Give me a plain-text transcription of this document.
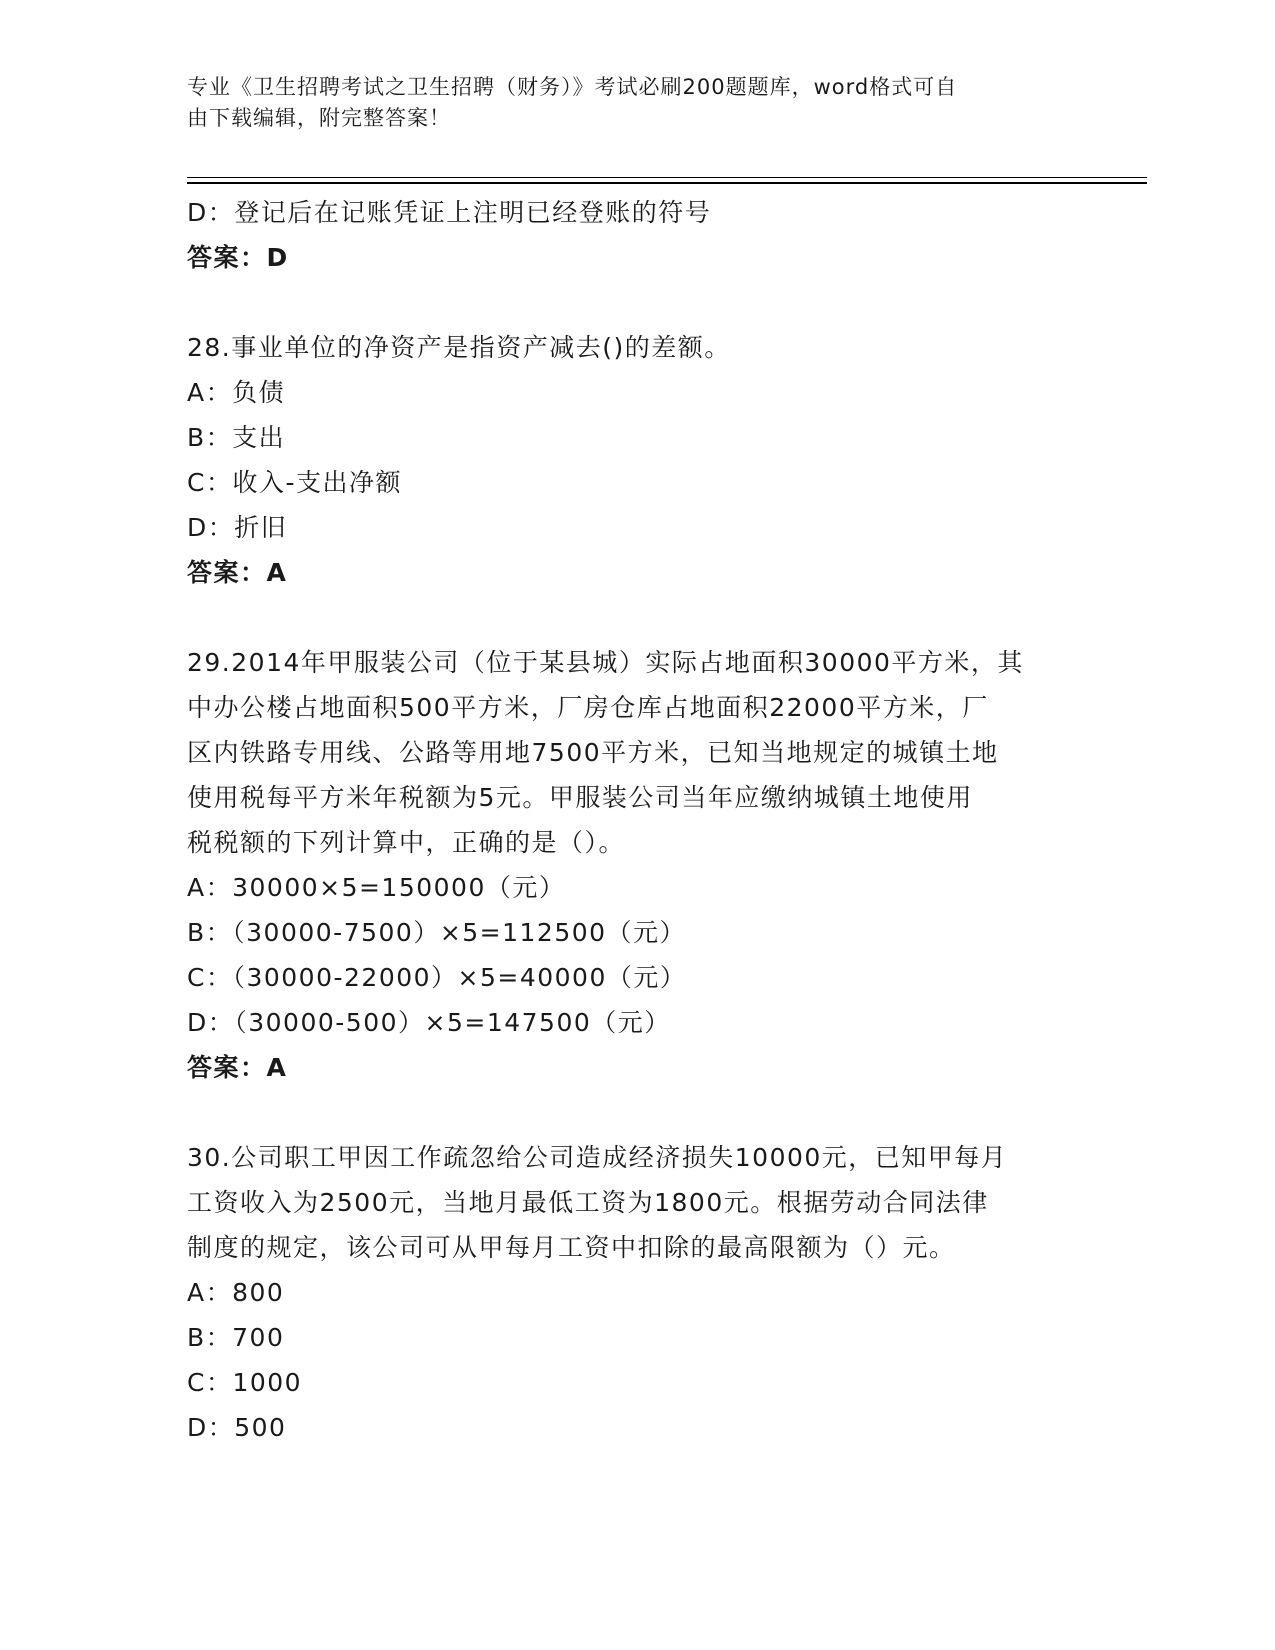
专业《卫生招聘考试之卫生招聘（财务）》考试必刷200题题库，word格式可自
由下载编辑，附完整答案！

D：登记后在记账凭证上注明已经登账的符号

答案：D

28.事业单位的净资产是指资产减去()的差额。

A：负债

B：支出

C：收入-支出净额

D：折旧

答案：A

29.2014年甲服装公司（位于某县城）实际占地面积30000平方米，其

中办公楼占地面积500平方米，厂房仓库占地面积22000平方米，厂

区内铁路专用线、公路等用地7500平方米，已知当地规定的城镇土地

使用税每平方米年税额为5元。甲服装公司当年应缴纳城镇土地使用

税税额的下列计算中，正确的是（）。

A：30000×5=150000（元）

B：（30000-7500）×5=112500（元）

C：（30000-22000）×5=40000（元）

D：（30000-500）×5=147500（元）

答案：A

30.公司职工甲因工作疏忽给公司造成经济损失10000元，已知甲每月

工资收入为2500元，当地月最低工资为1800元。根据劳动合同法律

制度的规定，该公司可从甲每月工资中扣除的最高限额为（）元。

A：800

B：700

C：1000

D：500
